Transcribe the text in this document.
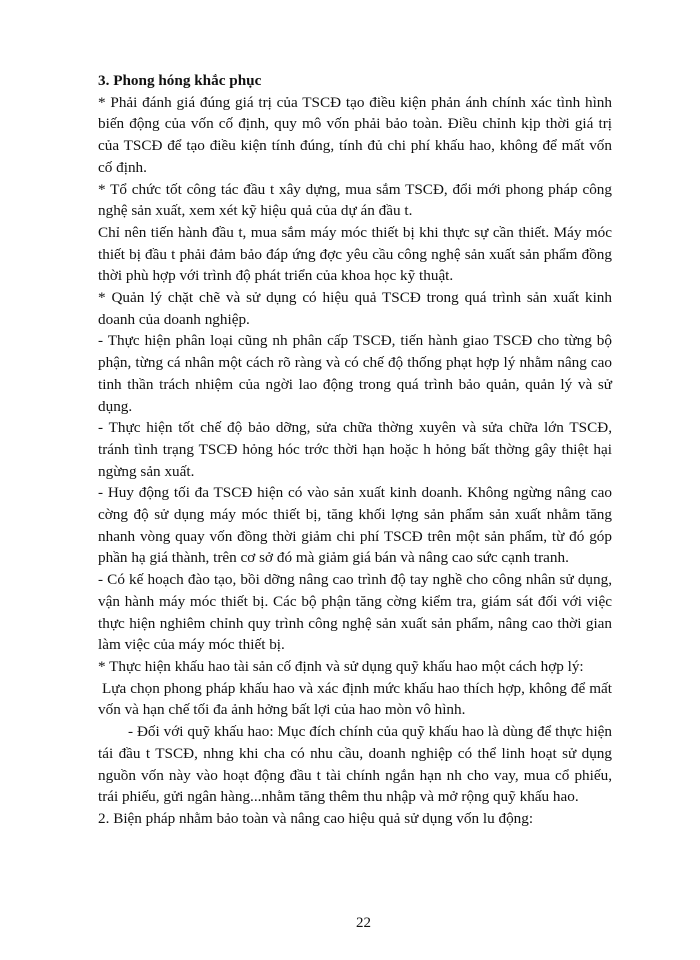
3. Phong hóng khắc phục

* Phải đánh giá đúng giá trị của TSCĐ tạo điều kiện phản ánh chính xác tình hình biến động của vốn cố định, quy mô vốn phải bảo toàn. Điều chỉnh kịp thời giá trị của TSCĐ để tạo điều kiện tính đúng, tính đủ chi phí khấu hao, không để mất vốn cố định.

* Tổ chức tốt công tác đầu t xây dựng, mua sắm TSCĐ, đổi mới phong pháp công nghệ sản xuất, xem xét kỹ hiệu quả của dự án đầu t.

Chỉ nên tiến hành đầu t, mua sắm máy móc thiết bị khi thực sự cần thiết. Máy móc thiết bị đầu t phải đảm bảo đáp ứng đợc yêu cầu công nghệ sản xuất sản phẩm đồng thời phù hợp với trình độ phát triển của khoa học kỹ thuật.

* Quản lý chặt chẽ và sử dụng có hiệu quả TSCĐ trong quá trình sản xuất kinh doanh của doanh nghiệp.

- Thực hiện phân loại cũng nh phân cấp TSCĐ, tiến hành giao TSCĐ cho từng bộ phận, từng cá nhân một cách rõ ràng và có chế độ thống phạt hợp lý nhằm nâng cao tinh thần trách nhiệm của ngời lao động trong quá trình bảo quản, quản lý và sử dụng.

- Thực hiện tốt chế độ bảo dỡng, sửa chữa thờng xuyên và sửa chữa lớn TSCĐ, tránh tình trạng TSCĐ hỏng hóc trớc thời hạn hoặc h hỏng bất thờng gây thiệt hại ngừng sản xuất.

- Huy động tối đa TSCĐ hiện có vào sản xuất kinh doanh. Không ngừng nâng cao cờng độ sử dụng máy móc thiết bị, tăng khối lợng sản phẩm sản xuất nhằm tăng nhanh vòng quay vốn đồng thời giảm chi phí TSCĐ trên một sản phẩm, từ đó góp phần hạ giá thành, trên cơ sở đó mà giảm giá bán và nâng cao sức cạnh tranh.

- Có kế hoạch đào tạo, bồi dỡng nâng cao trình độ tay nghề cho công nhân sử dụng, vận hành máy móc thiết bị. Các bộ phận tăng cờng kiểm tra, giám sát đối với việc thực hiện nghiêm chỉnh quy trình công nghệ sản xuất sản phẩm, nâng cao thời gian làm việc của máy móc thiết bị.

* Thực hiện khấu hao tài sản cố định và sử dụng quỹ khấu hao một cách hợp lý:

Lựa chọn phong pháp khấu hao và xác định mức khấu hao thích hợp, không để mất vốn và hạn chế tối đa ảnh hởng bất lợi của hao mòn vô hình.

- Đối với quỹ khấu hao: Mục đích chính của quỹ khấu hao là dùng để thực hiện tái đầu t TSCĐ, nhng khi cha có nhu cầu, doanh nghiệp có thể linh hoạt sử dụng nguồn vốn này vào hoạt động đầu t tài chính ngắn hạn nh cho vay, mua cổ phiếu, trái phiếu, gửi ngân hàng...nhằm tăng thêm thu nhập và mở rộng quỹ khấu hao.

2. Biện pháp nhằm bảo toàn và nâng cao hiệu quả sử dụng vốn lu động:

22
